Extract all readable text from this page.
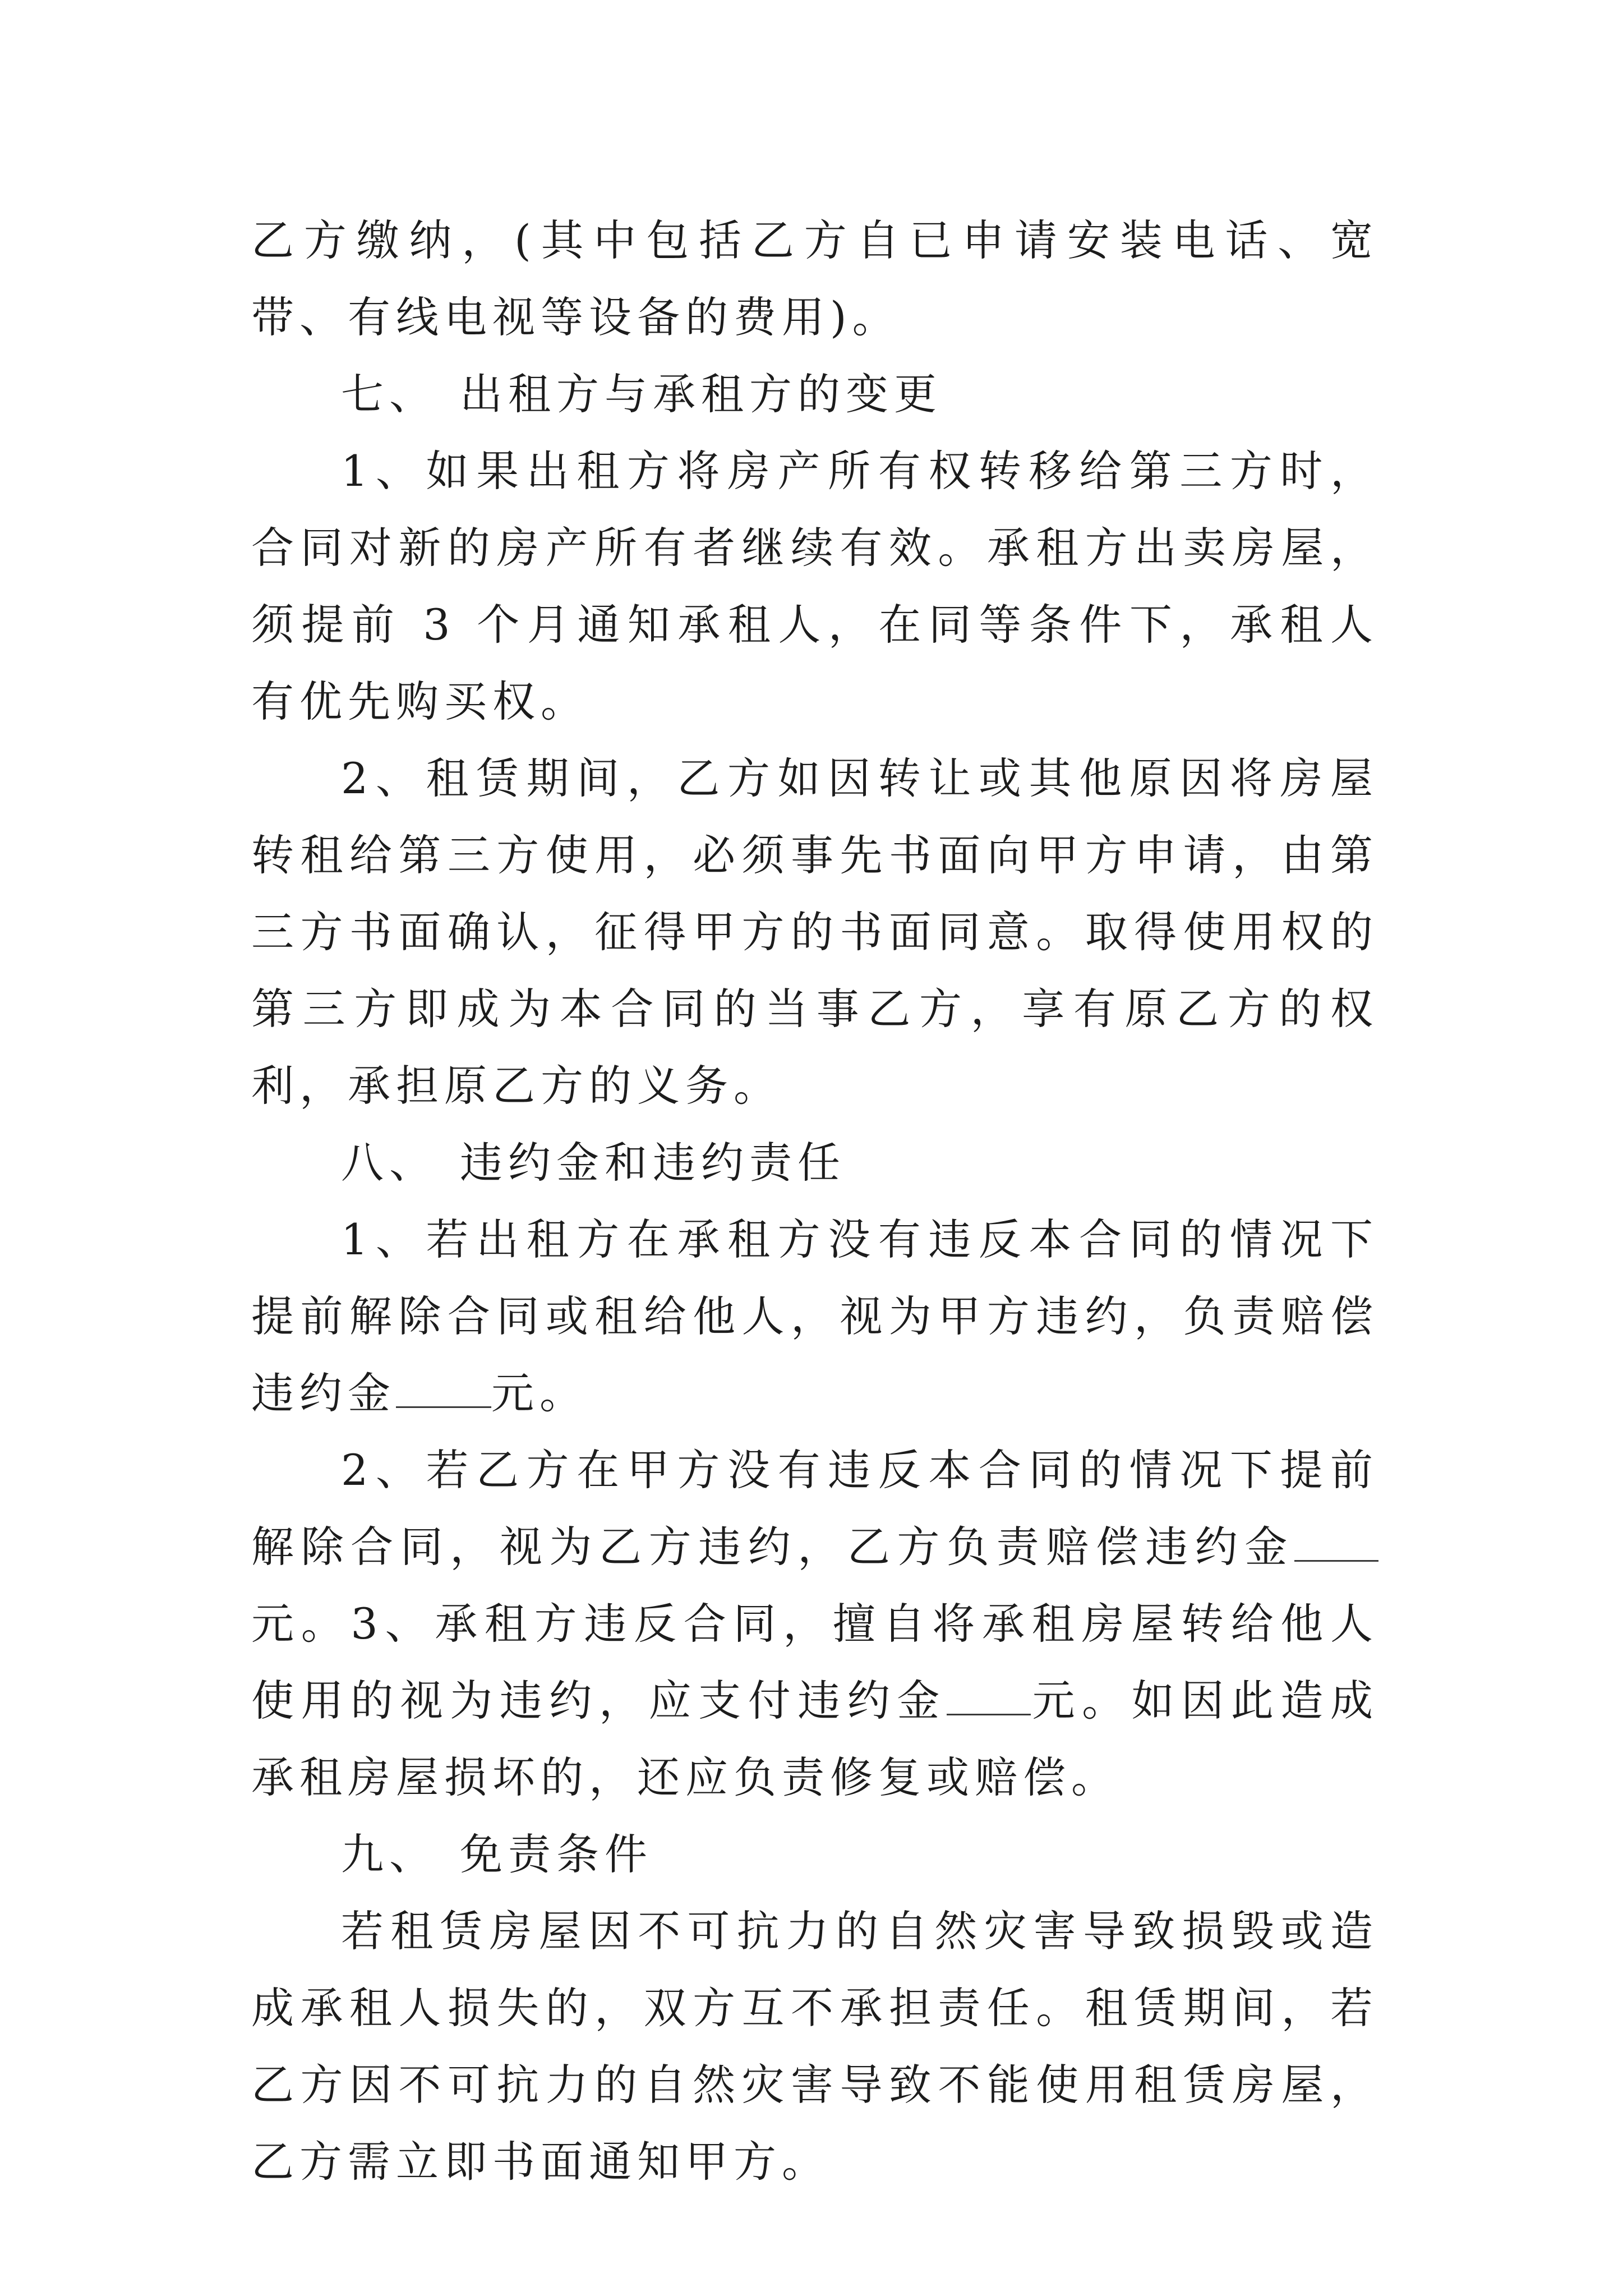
乙方缴纳，(其中包括乙方自已申请安装电话、宽带、有线电视等设备的费用)。

七、 出租方与承租方的变更

1、如果出租方将房产所有权转移给第三方时，合同对新的房产所有者继续有效。承租方出卖房屋，须提前 3 个月通知承租人，在同等条件下，承租人有优先购买权。

2、租赁期间，乙方如因转让或其他原因将房屋转租给第三方使用，必须事先书面向甲方申请，由第三方书面确认，征得甲方的书面同意。取得使用权的第三方即成为本合同的当事乙方，享有原乙方的权利，承担原乙方的义务。

八、 违约金和违约责任

1、若出租方在承租方没有违反本合同的情况下提前解除合同或租给他人，视为甲方违约，负责赔偿违约金 元。

2、若乙方在甲方没有违反本合同的情况下提前解除合同，视为乙方违约，乙方负责赔偿违约金元。3、承租方违反合同，擅自将承租房屋转给他人使用的视为违约，应支付违约金 元。如因此造成承租房屋损坏的，还应负责修复或赔偿。

九、 免责条件

若租赁房屋因不可抗力的自然灾害导致损毁或造成承租人损失的，双方互不承担责任。租赁期间，若乙方因不可抗力的自然灾害导致不能使用租赁房屋，乙方需立即书面通知甲方。
